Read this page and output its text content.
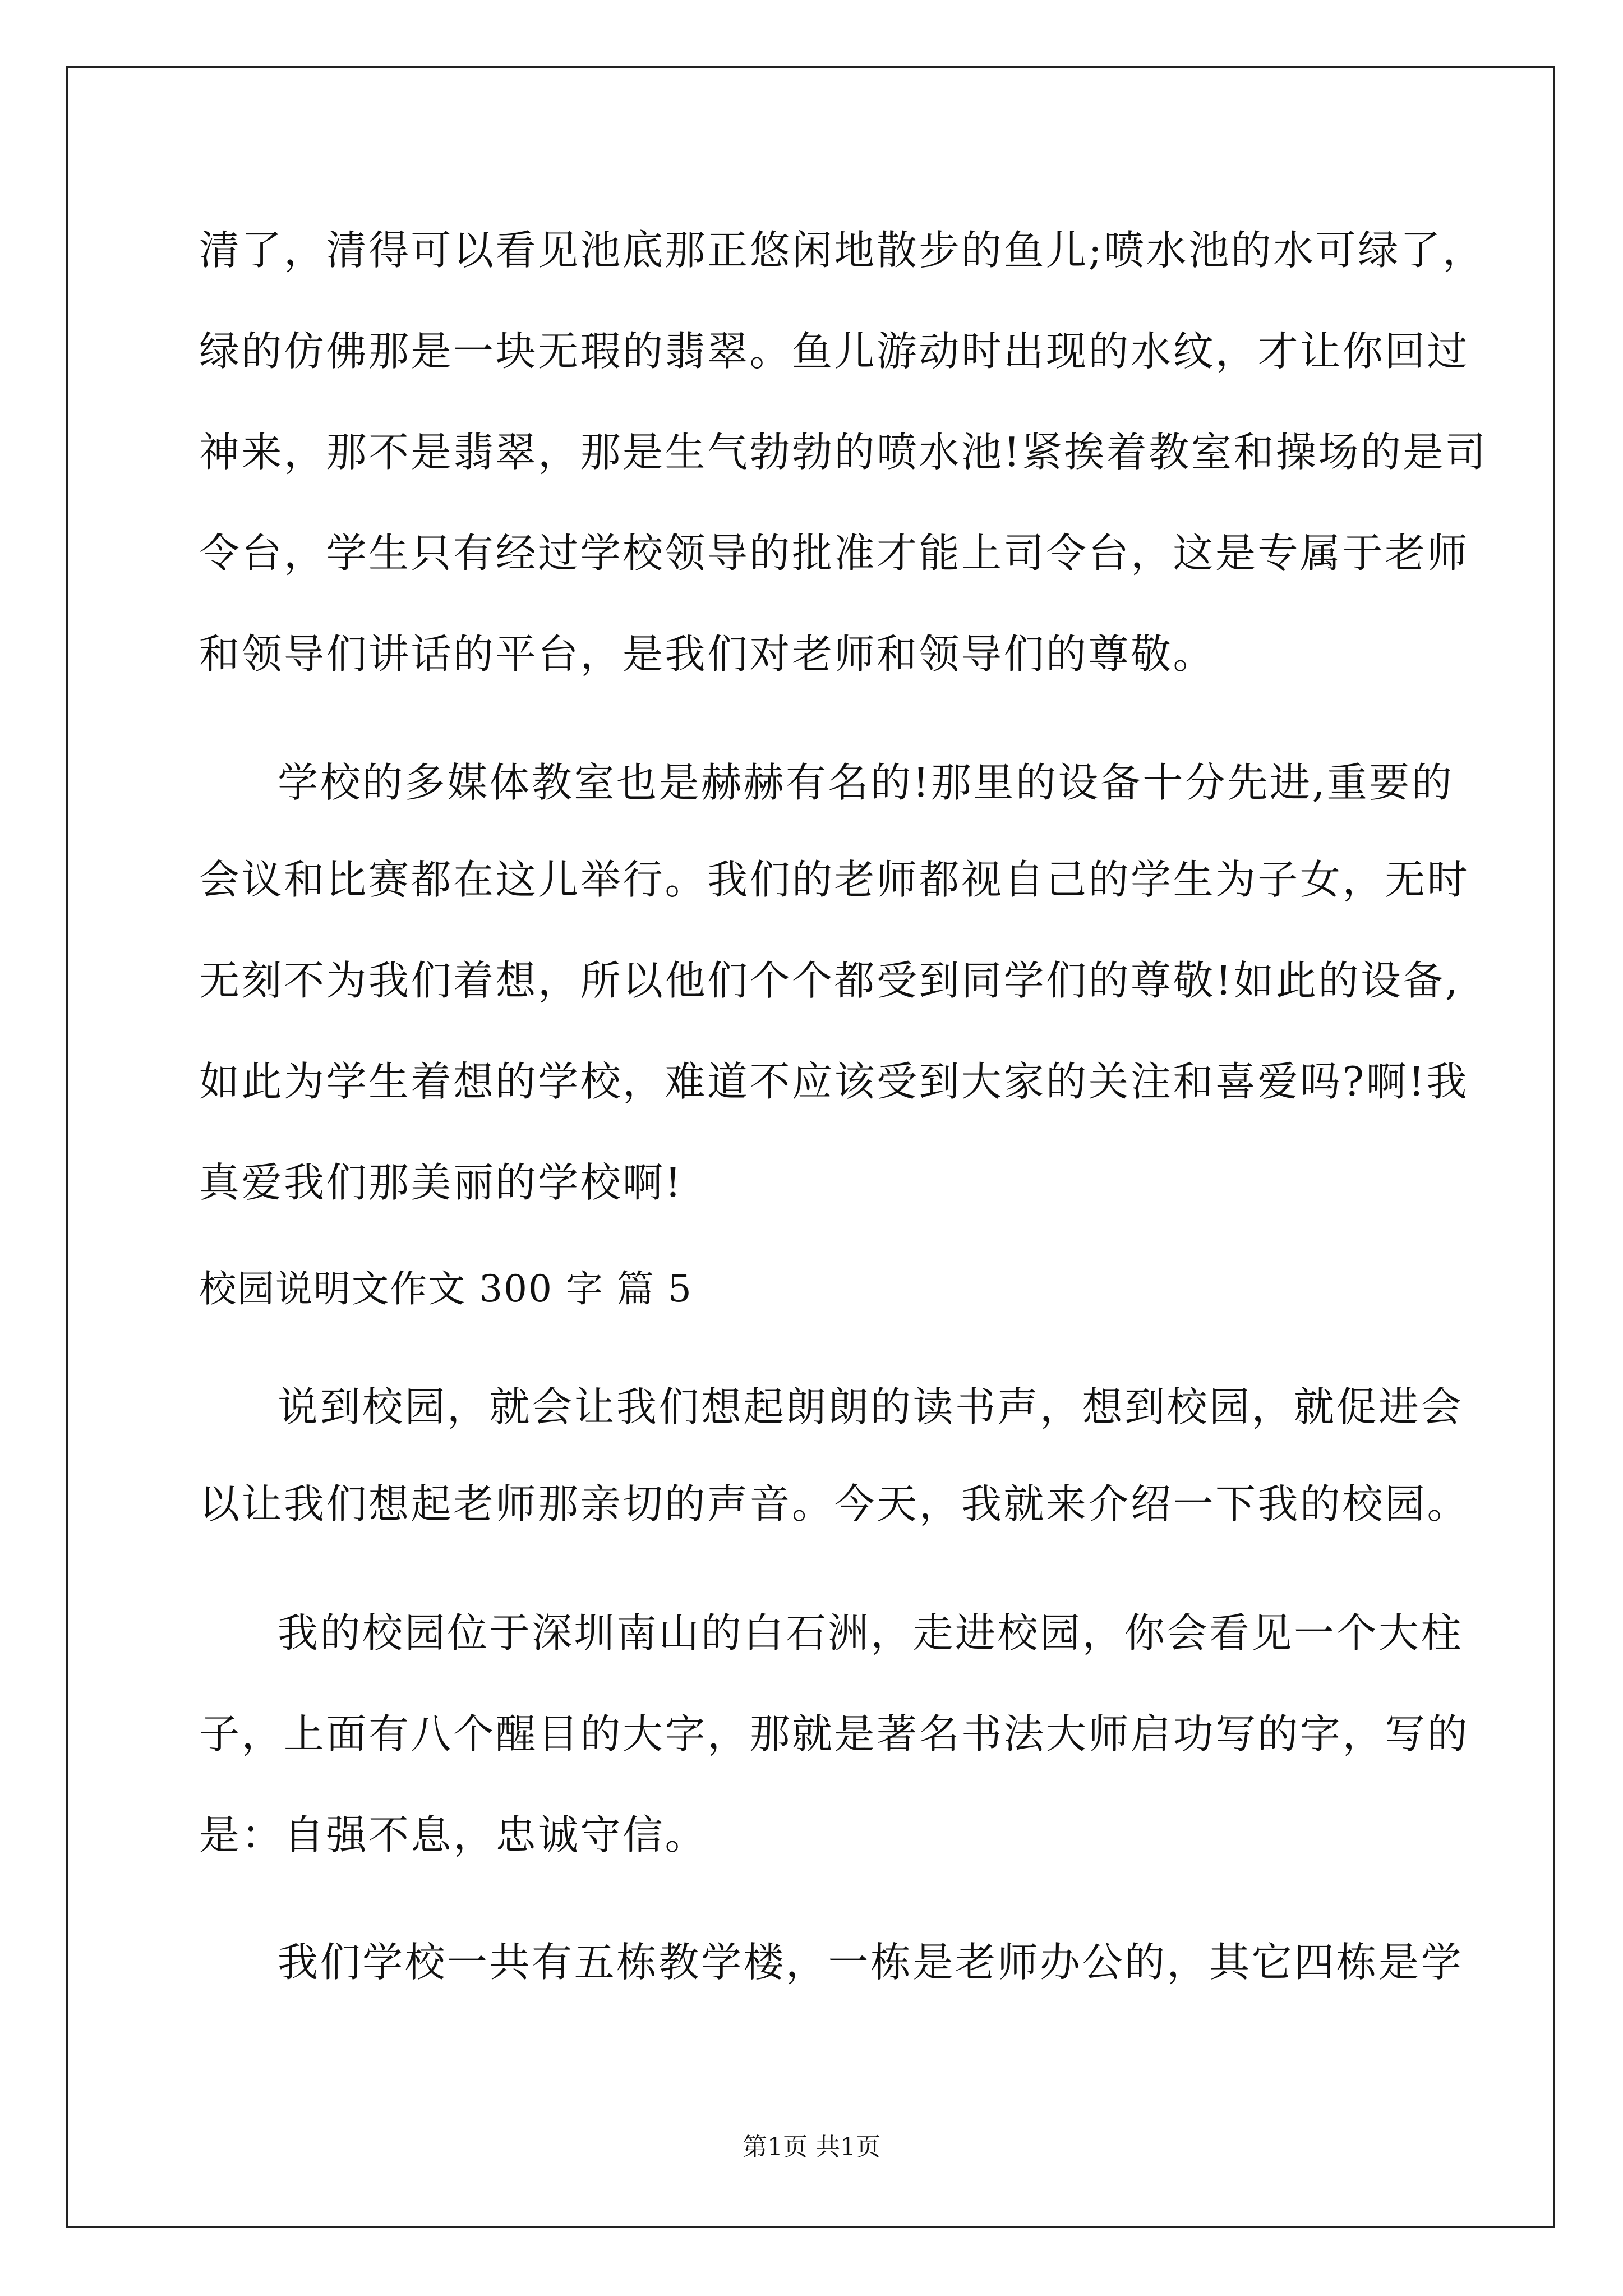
清了，清得可以看见池底那正悠闲地散步的鱼儿;喷水池的水可绿了，
绿的仿佛那是一块无瑕的翡翠。鱼儿游动时出现的水纹，才让你回过
神来，那不是翡翠，那是生气勃勃的喷水池!紧挨着教室和操场的是司
令台，学生只有经过学校领导的批准才能上司令台，这是专属于老师
和领导们讲话的平台，是我们对老师和领导们的尊敬。
学校的多媒体教室也是赫赫有名的!那里的设备十分先进,重要的
会议和比赛都在这儿举行。我们的老师都视自己的学生为子女，无时
无刻不为我们着想，所以他们个个都受到同学们的尊敬!如此的设备,
如此为学生着想的学校，难道不应该受到大家的关注和喜爱吗?啊!我
真爱我们那美丽的学校啊!
校园说明文作文 300 字 篇 5
说到校园，就会让我们想起朗朗的读书声，想到校园，就促进会
以让我们想起老师那亲切的声音。今天，我就来介绍一下我的校园。
我的校园位于深圳南山的白石洲，走进校园，你会看见一个大柱
子，上面有八个醒目的大字，那就是著名书法大师启功写的字，写的
是：自强不息，忠诚守信。
我们学校一共有五栋教学楼，一栋是老师办公的，其它四栋是学
第1页 共1页
